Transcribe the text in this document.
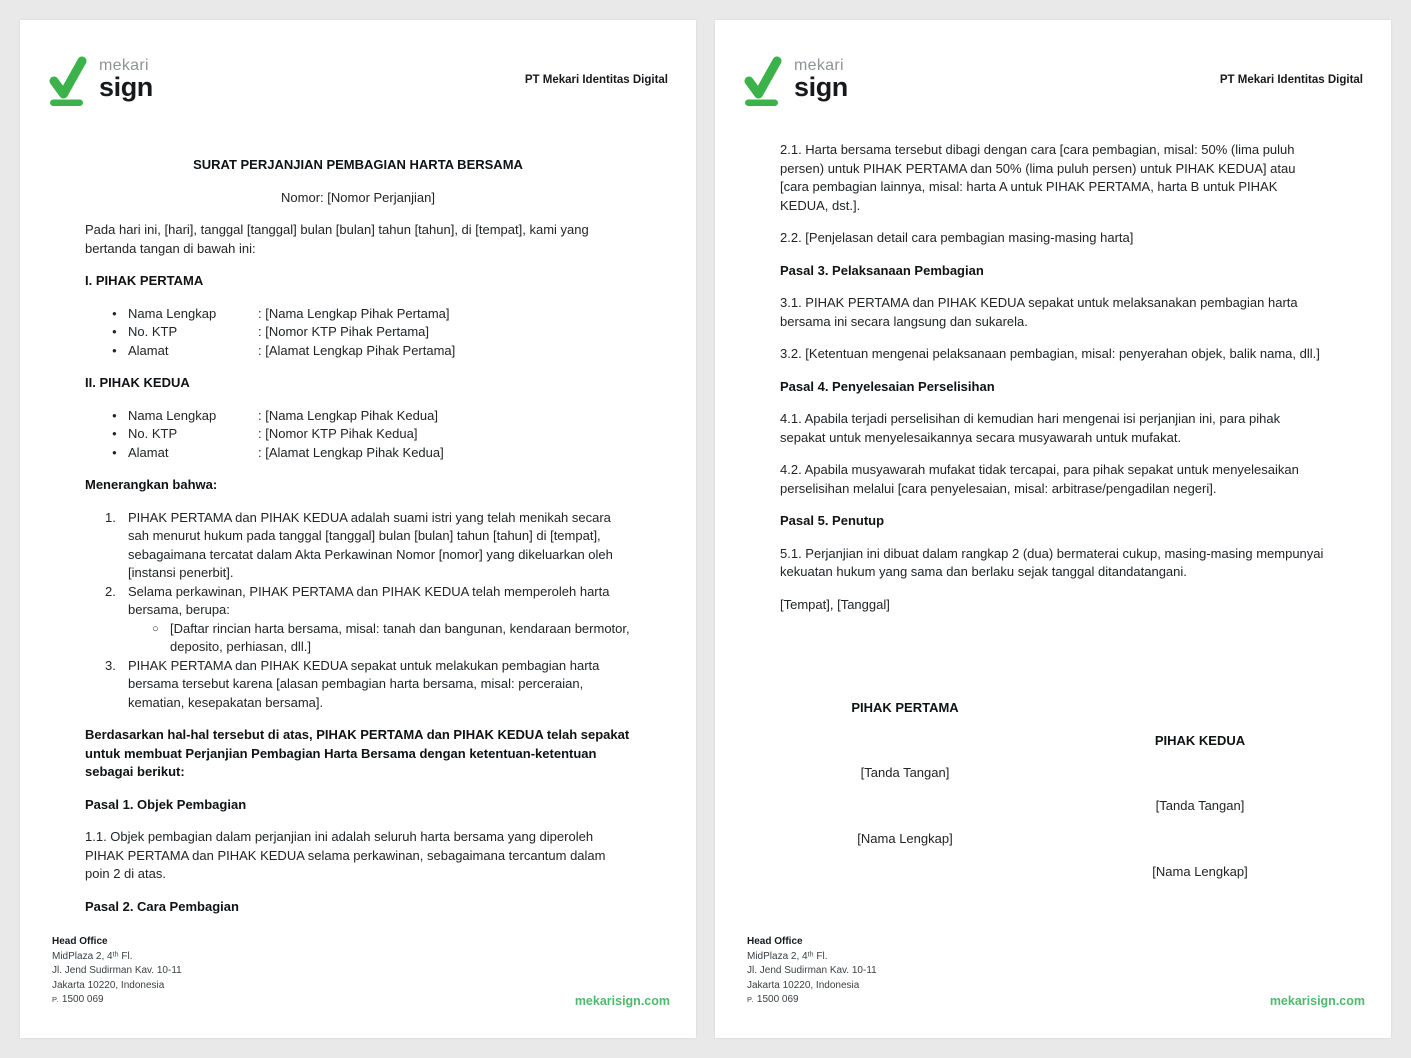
mekari
sign	PT Mekari Identitas Digital
SURAT PERJANJIAN PEMBAGIAN HARTA BERSAMA
Nomor: [Nomor Perjanjian]
Pada hari ini, [hari], tanggal [tanggal] bulan [bulan] tahun [tahun], di [tempat], kami yang bertanda tangan di bawah ini:
I. PIHAK PERTAMA
● Nama Lengkap	: [Nama Lengkap Pihak Pertama]
● No. KTP	: [Nomor KTP Pihak Pertama]
● Alamat	: [Alamat Lengkap Pihak Pertama]
II. PIHAK KEDUA
● Nama Lengkap	: [Nama Lengkap Pihak Kedua]
● No. KTP	: [Nomor KTP Pihak Kedua]
● Alamat	: [Alamat Lengkap Pihak Kedua]
Menerangkan bahwa:
1. PIHAK PERTAMA dan PIHAK KEDUA adalah suami istri yang telah menikah secara sah menurut hukum pada tanggal [tanggal] bulan [bulan] tahun [tahun] di [tempat], sebagaimana tercatat dalam Akta Perkawinan Nomor [nomor] yang dikeluarkan oleh [instansi penerbit].
2. Selama perkawinan, PIHAK PERTAMA dan PIHAK KEDUA telah memperoleh harta bersama, berupa:
○ [Daftar rincian harta bersama, misal: tanah dan bangunan, kendaraan bermotor, deposito, perhiasan, dll.]
3. PIHAK PERTAMA dan PIHAK KEDUA sepakat untuk melakukan pembagian harta bersama tersebut karena [alasan pembagian harta bersama, misal: perceraian, kematian, kesepakatan bersama].
Berdasarkan hal-hal tersebut di atas, PIHAK PERTAMA dan PIHAK KEDUA telah sepakat untuk membuat Perjanjian Pembagian Harta Bersama dengan ketentuan-ketentuan sebagai berikut:
Pasal 1. Objek Pembagian
1.1. Objek pembagian dalam perjanjian ini adalah seluruh harta bersama yang diperoleh PIHAK PERTAMA dan PIHAK KEDUA selama perkawinan, sebagaimana tercantum dalam poin 2 di atas.
Pasal 2. Cara Pembagian
Head Office
MidPlaza 2, 4ᵗʰ Fl.
Jl. Jend Sudirman Kav. 10-11
Jakarta 10220, Indonesia
P. 1500 069	mekarisign.com
mekari
sign	PT Mekari Identitas Digital
2.1. Harta bersama tersebut dibagi dengan cara [cara pembagian, misal: 50% (lima puluh persen) untuk PIHAK PERTAMA dan 50% (lima puluh persen) untuk PIHAK KEDUA] atau [cara pembagian lainnya, misal: harta A untuk PIHAK PERTAMA, harta B untuk PIHAK KEDUA, dst.].
2.2. [Penjelasan detail cara pembagian masing-masing harta]
Pasal 3. Pelaksanaan Pembagian
3.1. PIHAK PERTAMA dan PIHAK KEDUA sepakat untuk melaksanakan pembagian harta bersama ini secara langsung dan sukarela.
3.2. [Ketentuan mengenai pelaksanaan pembagian, misal: penyerahan objek, balik nama, dll.]
Pasal 4. Penyelesaian Perselisihan
4.1. Apabila terjadi perselisihan di kemudian hari mengenai isi perjanjian ini, para pihak sepakat untuk menyelesaikannya secara musyawarah untuk mufakat.
4.2. Apabila musyawarah mufakat tidak tercapai, para pihak sepakat untuk menyelesaikan perselisihan melalui [cara penyelesaian, misal: arbitrase/pengadilan negeri].
Pasal 5. Penutup
5.1. Perjanjian ini dibuat dalam rangkap 2 (dua) bermaterai cukup, masing-masing mempunyai kekuatan hukum yang sama dan berlaku sejak tanggal ditandatangani.
[Tempat], [Tanggal]
PIHAK PERTAMA
PIHAK KEDUA
[Tanda Tangan]
[Tanda Tangan]
[Nama Lengkap]
[Nama Lengkap]
Head Office
MidPlaza 2, 4ᵗʰ Fl.
Jl. Jend Sudirman Kav. 10-11
Jakarta 10220, Indonesia
P. 1500 069	mekarisign.com
